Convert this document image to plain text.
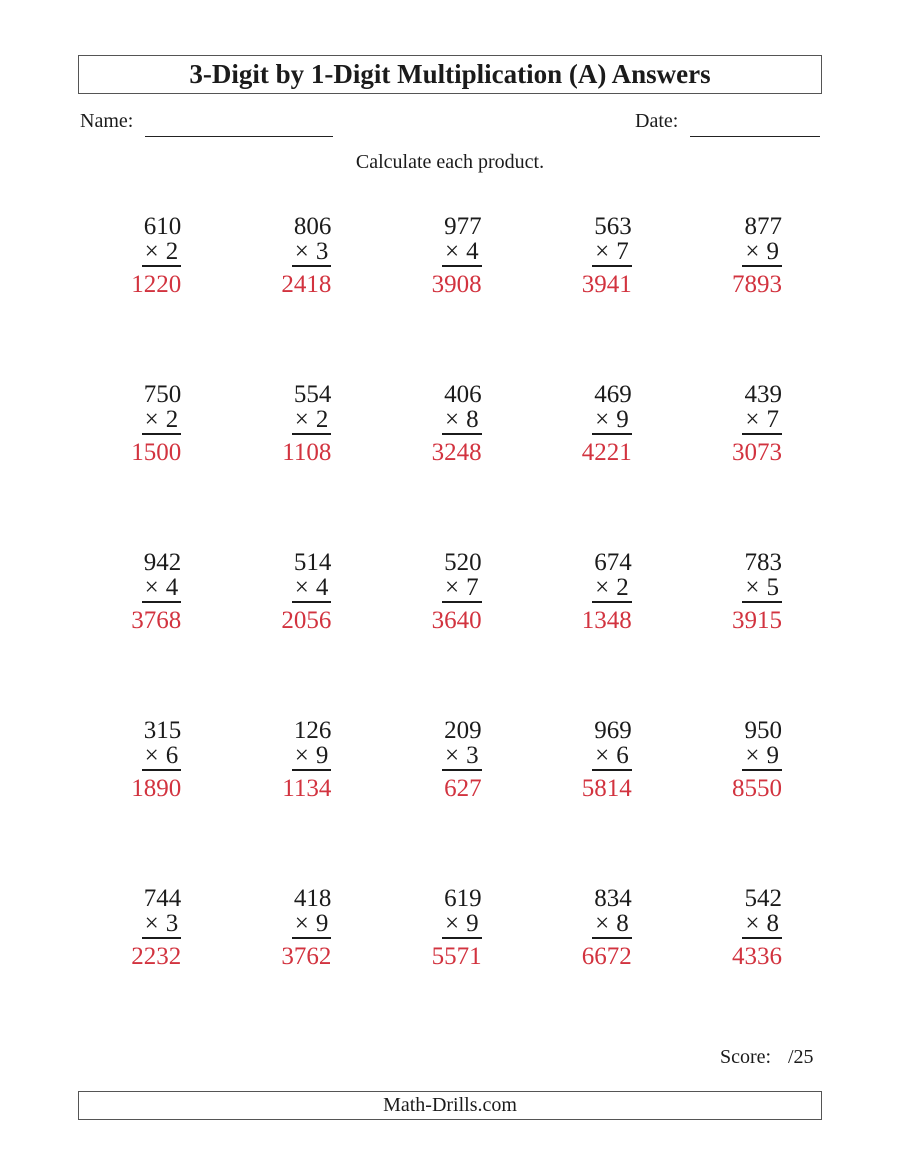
3-Digit by 1-Digit Multiplication (A) Answers
Name:	Date:
Calculate each product.
610
× 2
1220
806
× 3
2418
977
× 4
3908
563
× 7
3941
877
× 9
7893
750
× 2
1500
554
× 2
1108
406
× 8
3248
469
× 9
4221
439
× 7
3073
942
× 4
3768
514
× 4
2056
520
× 7
3640
674
× 2
1348
783
× 5
3915
315
× 6
1890
126
× 9
1134
209
× 3
627
969
× 6
5814
950
× 9
8550
744
× 3
2232
418
× 9
3762
619
× 9
5571
834
× 8
6672
542
× 8
4336
Score: /25
Math-Drills.com
